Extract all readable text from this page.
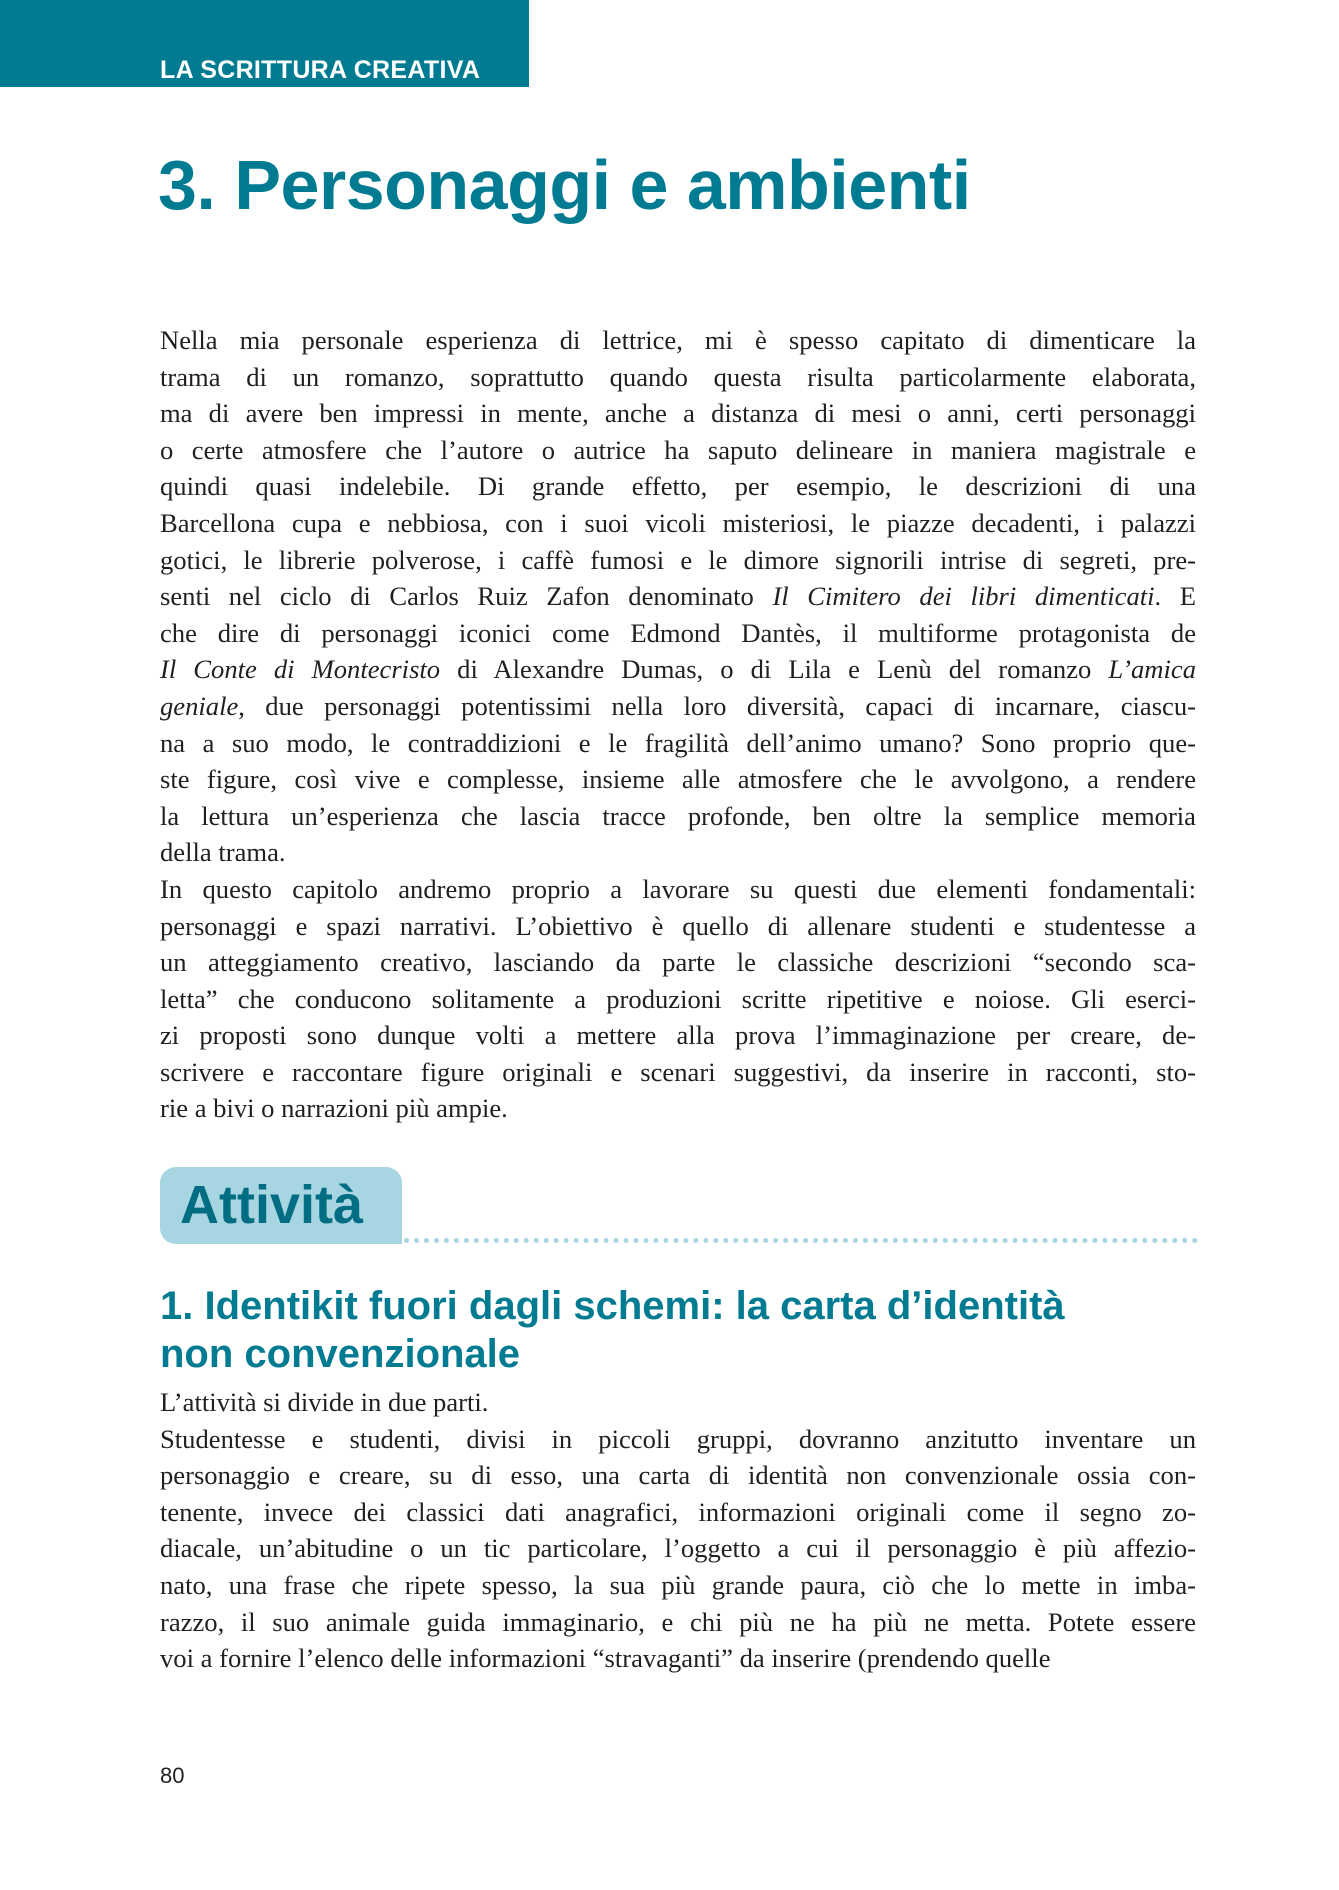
LA SCRITTURA CREATIVA
3. Personaggi e ambienti

Nella mia personale esperienza di lettrice, mi è spesso capitato di dimenticare la
trama di un romanzo, soprattutto quando questa risulta particolarmente elaborata,
ma di avere ben impressi in mente, anche a distanza di mesi o anni, certi personaggi
o certe atmosfere che l’autore o autrice ha saputo delineare in maniera magistrale e
quindi quasi indelebile. Di grande effetto, per esempio, le descrizioni di una
Barcellona cupa e nebbiosa, con i suoi vicoli misteriosi, le piazze decadenti, i palazzi
gotici, le librerie polverose, i caffè fumosi e le dimore signorili intrise di segreti, pre-
senti nel ciclo di Carlos Ruiz Zafon denominato Il Cimitero dei libri dimenticati. E
che dire di personaggi iconici come Edmond Dantès, il multiforme protagonista de
Il Conte di Montecristo di Alexandre Dumas, o di Lila e Lenù del romanzo L’amica
geniale, due personaggi potentissimi nella loro diversità, capaci di incarnare, ciascu-
na a suo modo, le contraddizioni e le fragilità dell’animo umano? Sono proprio que-
ste figure, così vive e complesse, insieme alle atmosfere che le avvolgono, a rendere
la lettura un’esperienza che lascia tracce profonde, ben oltre la semplice memoria
della trama.

In questo capitolo andremo proprio a lavorare su questi due elementi fondamentali:
personaggi e spazi narrativi. L’obiettivo è quello di allenare studenti e studentesse a
un atteggiamento creativo, lasciando da parte le classiche descrizioni “secondo sca-
letta” che conducono solitamente a produzioni scritte ripetitive e noiose. Gli eserci-
zi proposti sono dunque volti a mettere alla prova l’immaginazione per creare, de-
scrivere e raccontare figure originali e scenari suggestivi, da inserire in racconti, sto-
rie a bivi o narrazioni più ampie.

Attività
1. Identikit fuori dagli schemi: la carta d’identità
non convenzionale

L’attività si divide in due parti.

Studentesse e studenti, divisi in piccoli gruppi, dovranno anzitutto inventare un
personaggio e creare, su di esso, una carta di identità non convenzionale ossia con-
tenente, invece dei classici dati anagrafici, informazioni originali come il segno zo-
diacale, un’abitudine o un tic particolare, l’oggetto a cui il personaggio è più affezio-
nato, una frase che ripete spesso, la sua più grande paura, ciò che lo mette in imba-
razzo, il suo animale guida immaginario, e chi più ne ha più ne metta. Potete essere
voi a fornire l’elenco delle informazioni “stravaganti” da inserire (prendendo quelle

80
